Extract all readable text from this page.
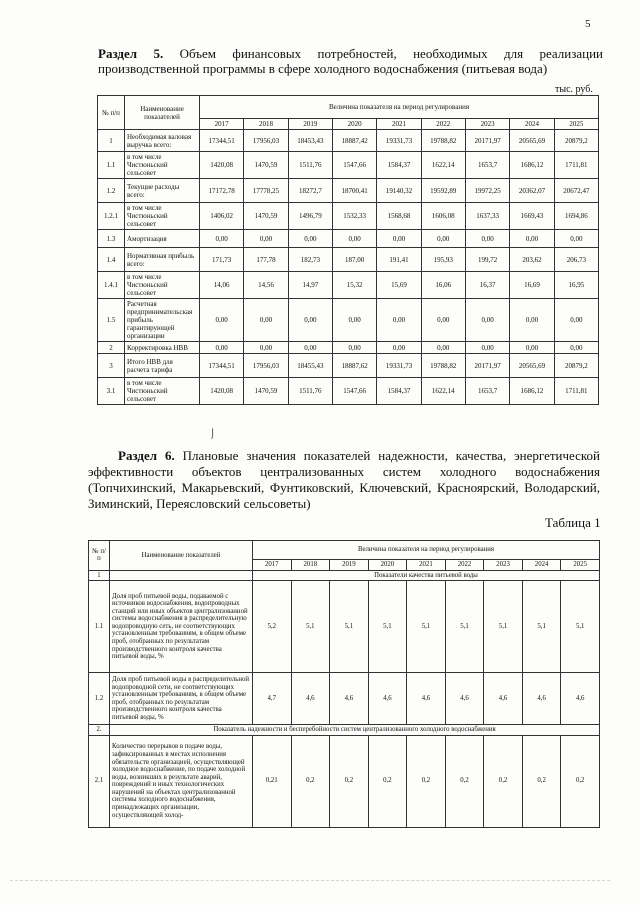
5
Раздел 5. Объем финансовых потребностей, необходимых для реализации производственной программы в сфере холодного водоснабжения (питьевая вода)
тыс. руб.
№ п/п	Наименование показателей	Величина показателя на период регулирования								
		2017	2018	2019	2020	2021	2022	2023	2024	2025
1	Необходимая валовая выручка всего:	17344,51	17956,03	18453,43	18887,42	19331,73	19788,82	20171,97	20565,69	20879,2
1.1	в том числе Чистюньский сельсовет	1420,08	1470,59	1511,76	1547,66	1584,37	1622,14	1653,7	1686,12	1711,81
1.2	Текущие расходы всего:	17172,78	17778,25	18272,7	18700,41	19140,32	19592,89	19972,25	20362,07	20672,47
1.2.1	в том числе Чистюньский сельсовет	1406,02	1470,59	1496,79	1532,33	1568,68	1606,08	1637,33	1669,43	1694,86
1.3	Амортизация	0,00	0,00	0,00	0,00	0,00	0,00	0,00	0,00	0,00
1.4	Нормативная прибыль всего:	171,73	177,78	182,73	187,00	191,41	195,93	199,72	203,62	206,73
1.4.1	в том числе Чистюньский сельсовет	14,06	14,56	14,97	15,32	15,69	16,06	16,37	16,69	16,95
1.5	Расчетная предпринимательская прибыль гарантирующей организации	0,00	0,00	0,00	0,00	0,00	0,00	0,00	0,00	0,00
2	Корректировка НВВ	0,00	0,00	0,00	0,00	0,00	0,00	0,00	0,00	0,00
3	Итого НВВ для расчета тарифа	17344,51	17956,03	18455,43	18887,62	19331,73	19788,82	20171,97	20565,69	20879,2
3.1	в том числе Чистюньский сельсовет	1420,08	1470,59	1511,76	1547,66	1584,37	1622,14	1653,7	1686,12	1711,81
⌡
Раздел 6. Плановые значения показателей надежности, качества, энергетической эффективности объектов централизованных систем холодного водоснабжения (Топчихинский, Макарьевский, Фунтиковский, Ключевский, Красноярский, Володарский, Зиминский, Переясловский сельсоветы)
Таблица 1
№ п/ п	Наименование показателей	Величина показателя на период регулирования								
		2017	2018	2019	2020	2021	2022	2023	2024	2025
1		Показатели качества питьевой воды								
1.1	Доля проб питьевой воды, подаваемой с источников водоснабжения, водопроводных станций или иных объектов централизованной системы водоснабжения в распределительную водопроводную сеть, не соответствующих установленным требованиям, в общем объеме проб, отобранных по результатам производственного контроля качества питьевой воды, %	5,2	5,1	5,1	5,1	5,1	5,1	5,1	5,1	5,1
1.2	Доля проб питьевой воды в распределительной водопроводной сети, не соответствующих установленным требованиям, в общем объеме проб, отобранных по результатам производственного контроля качества питьевой воды, %	4,7	4,6	4,6	4,6	4,6	4,6	4,6	4,6	4,6
2.	Показатель надежности и бесперебойности систем централизованного холодного водоснабжения									
2.1	Количество перерывов в подаче воды, зафиксированных в местах исполнения обязательств организацией, осуществляющей холодное водоснабжение, по подаче холодной воды, возникших в результате аварий, повреждений и иных технологических нарушений на объектах централизованной системы холодного водоснабжения, принадлежащих организации, осуществляющей холод-	0,21	0,2	0,2	0,2	0,2	0,2	0,2	0,2	0,2
